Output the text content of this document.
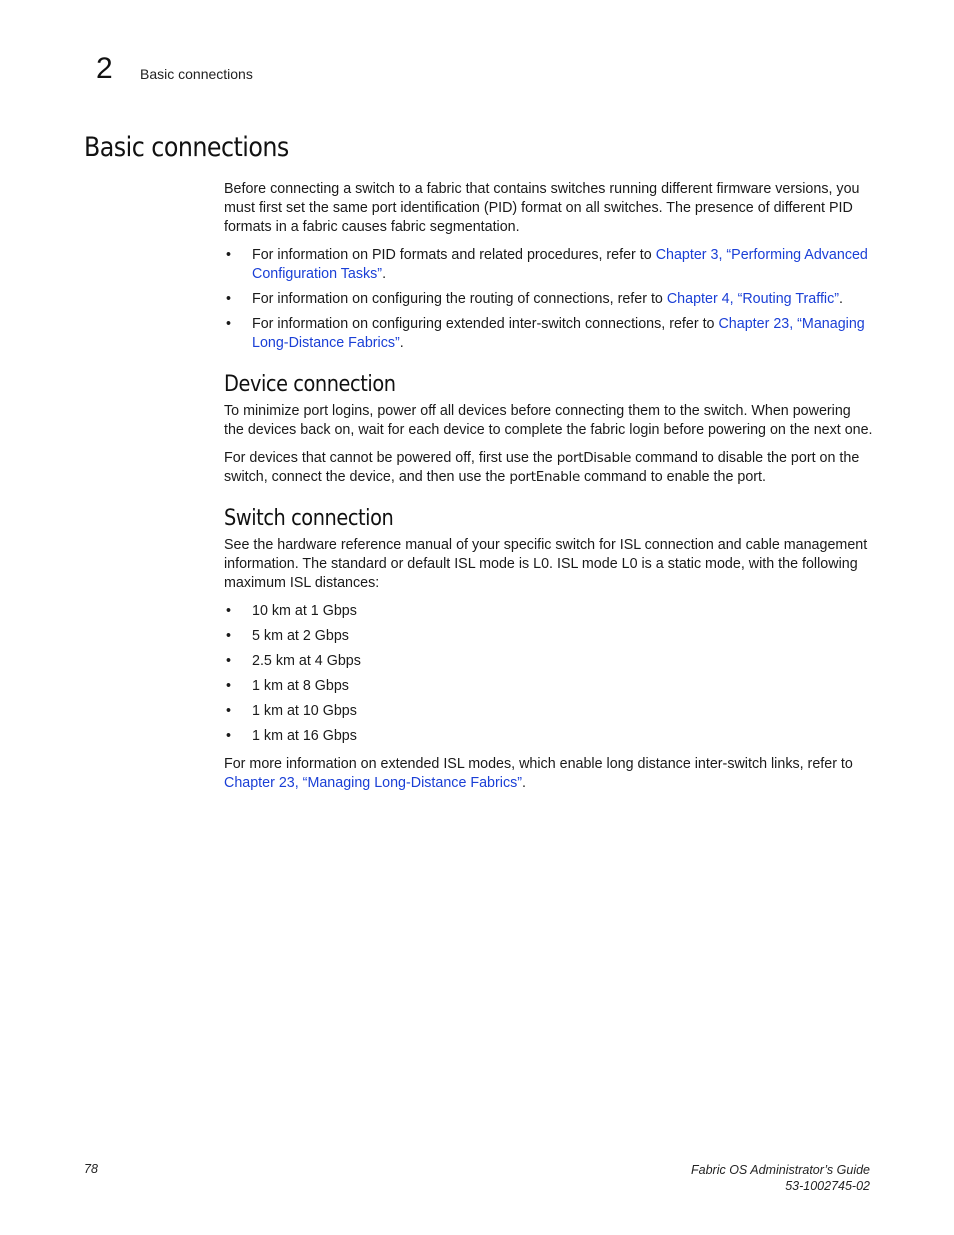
2 Basic connections
Basic connections

Before connecting a switch to a fabric that contains switches running different firmware versions, you must first set the same port identification (PID) format on all switches. The presence of different PID formats in a fabric causes fabric segmentation.

• For information on PID formats and related procedures, refer to Chapter 3, “Performing Advanced Configuration Tasks”.
• For information on configuring the routing of connections, refer to Chapter 4, “Routing Traffic”.
• For information on configuring extended inter-switch connections, refer to Chapter 23, “Managing Long-Distance Fabrics”.
Device connection

To minimize port logins, power off all devices before connecting them to the switch. When powering the devices back on, wait for each device to complete the fabric login before powering on the next one.

For devices that cannot be powered off, first use the portDisable command to disable the port on the switch, connect the device, and then use the portEnable command to enable the port.

Switch connection

See the hardware reference manual of your specific switch for ISL connection and cable management information. The standard or default ISL mode is L0. ISL mode L0 is a static mode, with the following maximum ISL distances:

• 10 km at 1 Gbps
• 5 km at 2 Gbps
• 2.5 km at 4 Gbps
• 1 km at 8 Gbps
• 1 km at 10 Gbps
• 1 km at 16 Gbps

For more information on extended ISL modes, which enable long distance inter-switch links, refer to Chapter 23, “Managing Long-Distance Fabrics”.

78	Fabric OS Administrator’s Guide
53-1002745-02
